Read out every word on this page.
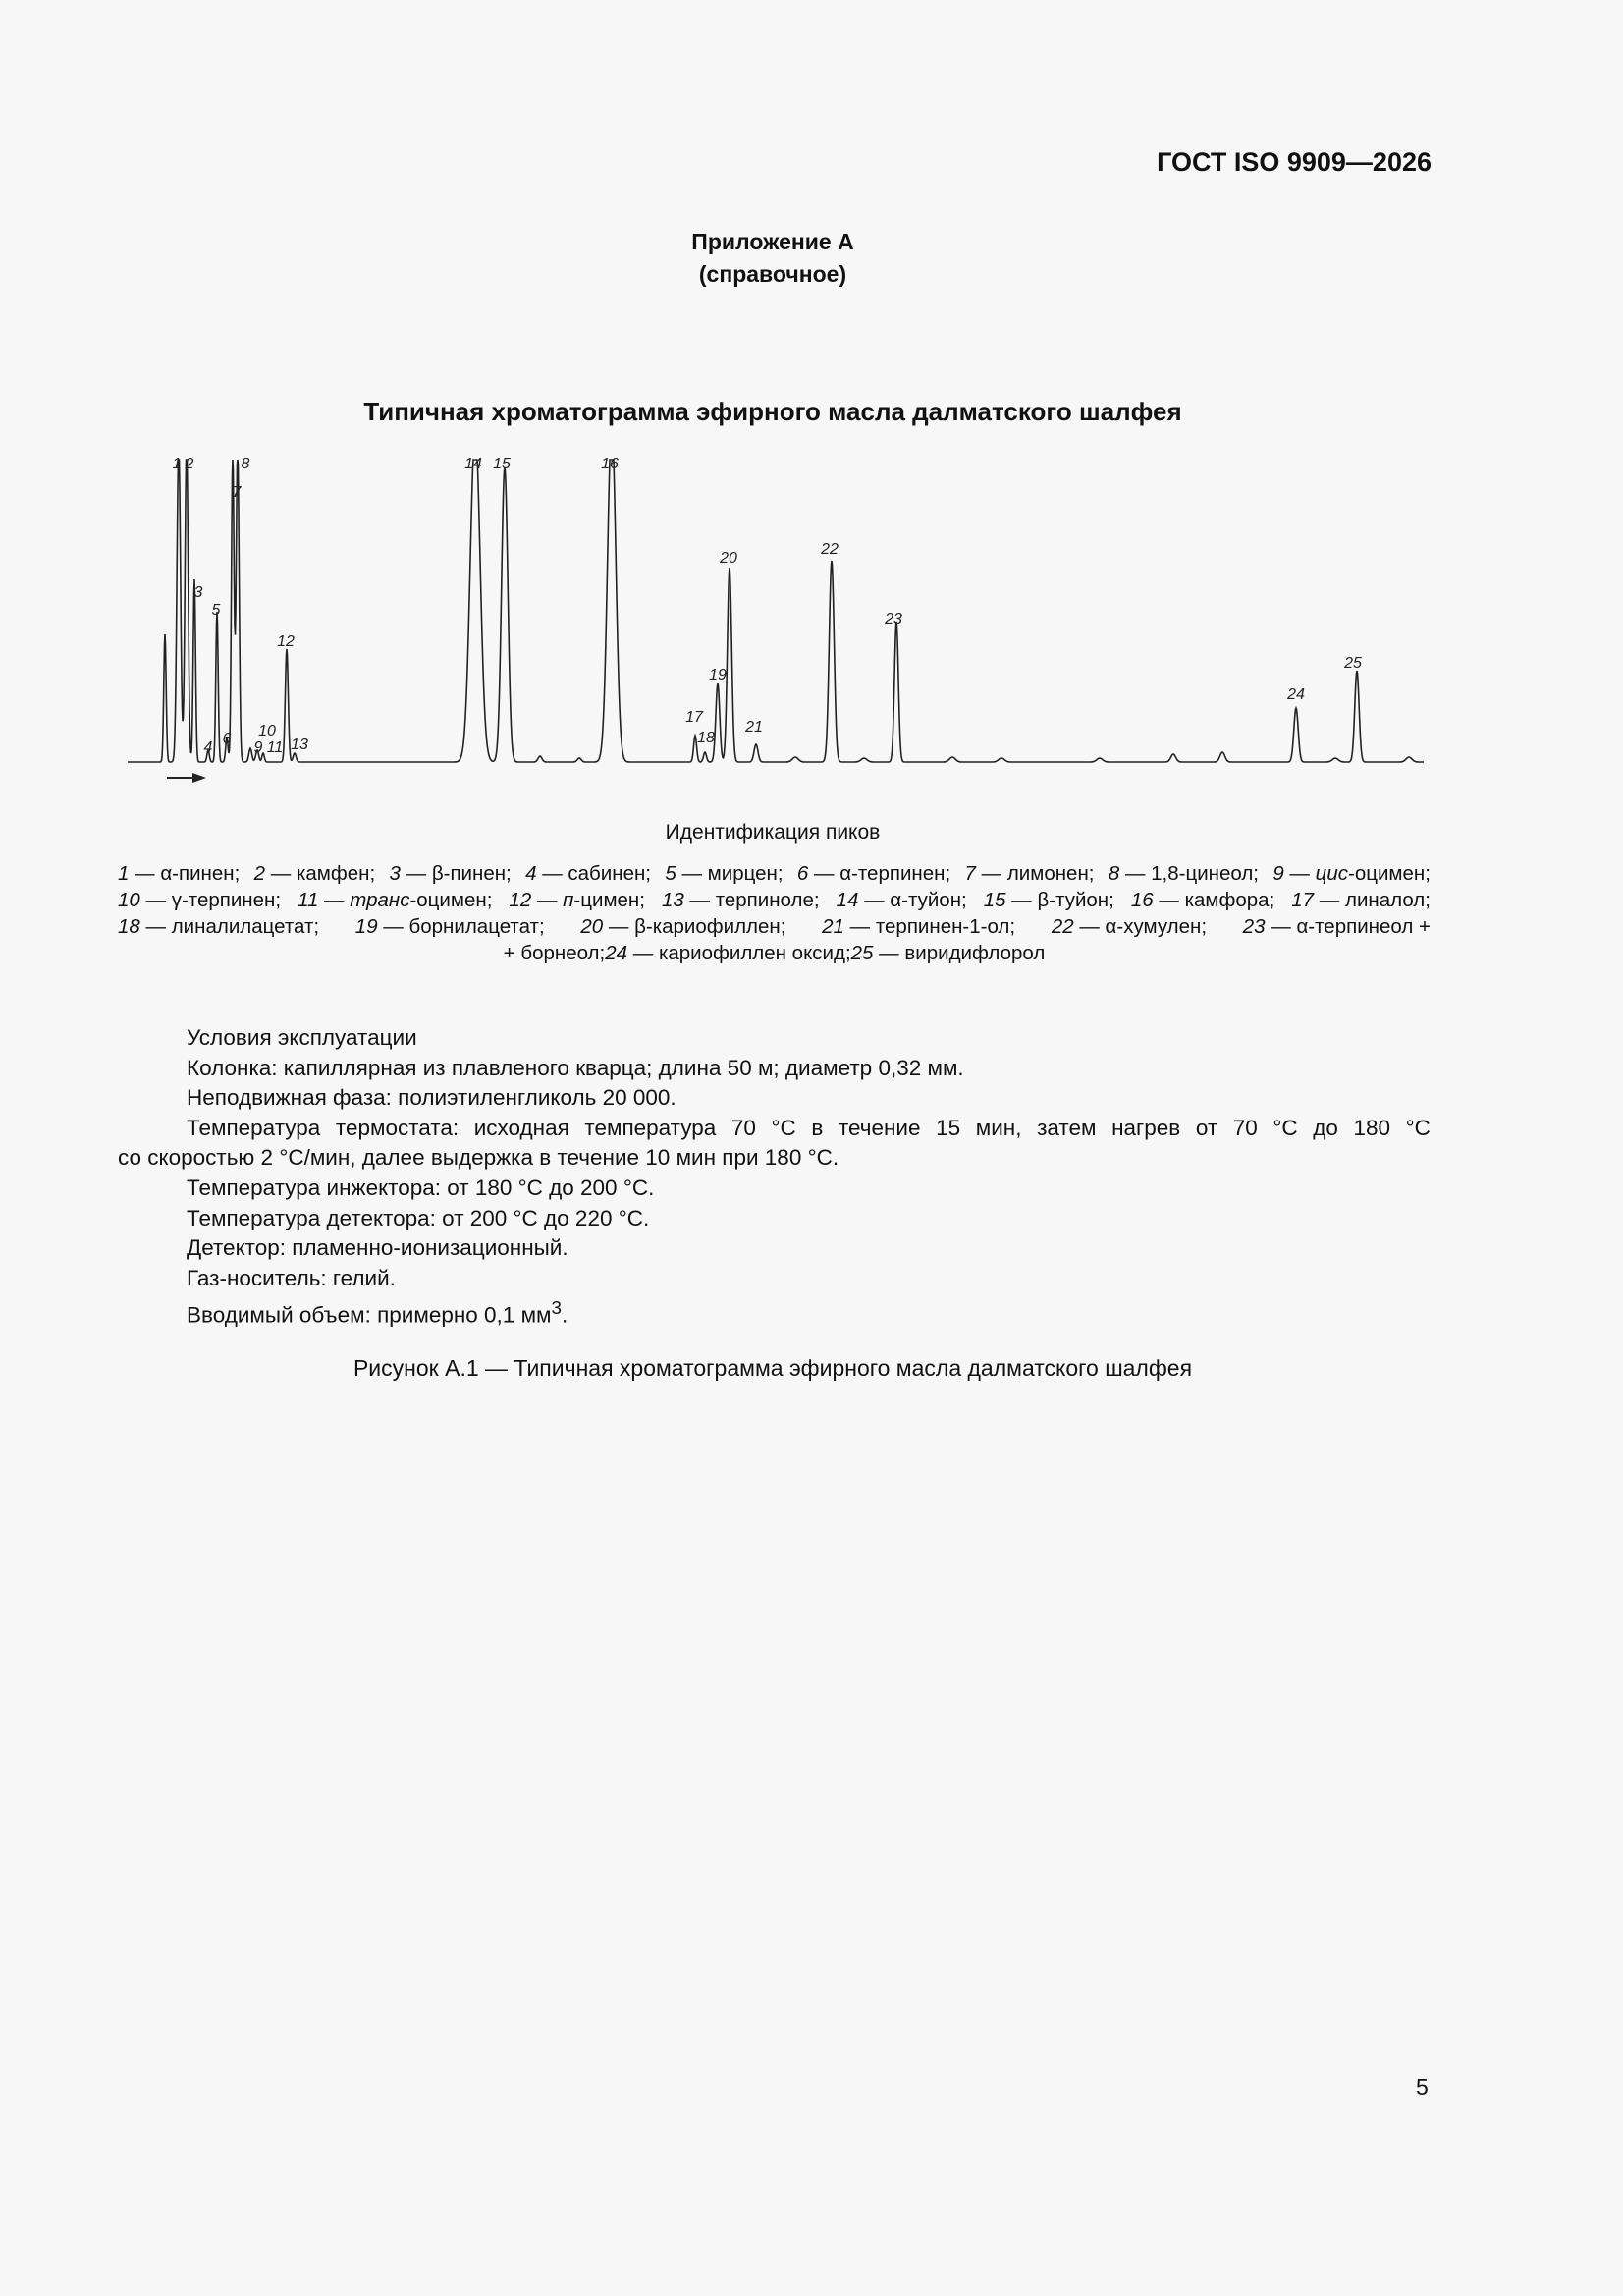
ГОСТ ISO 9909—2026
Приложение А
(справочное)
Типичная хроматограмма эфирного масла далматского шалфея
1 2
3
4
5
6
7
8
9
10
11
12
13
14 15	16
17
18
19
20
21
22
23
24
25
Идентификация пиков
1 — α-пинен; 2 — камфен; 3 — β-пинен; 4 — сабинен; 5 — мирцен; 6 — α-терпинен; 7 — лимонен; 8 — 1,8-цинеол; 9 — цис-оцимен;
10 — γ-терпинен; 11 — транс-оцимен; 12 — п-цимен; 13 — терпиноле; 14 — α-туйон; 15 — β-туйон; 16 — камфора; 17 — линалол;
18 — линалилацетат; 19 — борнилацетат; 20 — β-кариофиллен; 21 — терпинен-1-ол; 22 — α-хумулен; 23 — α-терпинеол +
+ борнеол; 24 — кариофиллен оксид; 25 — виридифлорол
Условия эксплуатации
Колонка: капиллярная из плавленого кварца; длина 50 м; диаметр 0,32 мм.
Неподвижная фаза: полиэтиленгликоль 20 000.
Температура термостата: исходная температура 70 °С в течение 15 мин, затем нагрев от 70 °С до 180 °С
со скоростью 2 °С/мин, далее выдержка в течение 10 мин при 180 °С.
Температура инжектора: от 180 °С до 200 °С.
Температура детектора: от 200 °С до 220 °С.
Детектор: пламенно-ионизационный.
Газ-носитель: гелий.
Вводимый объем: примерно 0,1 $мм^3$.
Рисунок А.1 — Типичная хроматограмма эфирного масла далматского шалфея
5
